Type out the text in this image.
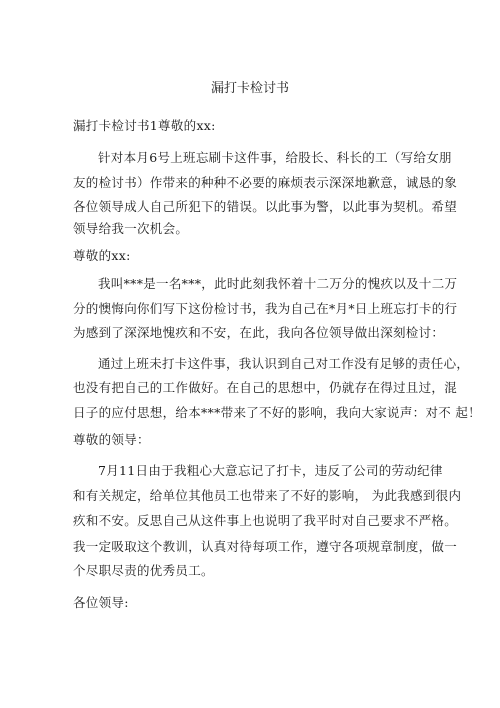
漏打卡检讨书
漏打卡检讨书1尊敬的xx:
针对本月6号上班忘刷卡这件事，给股长、科长的工（写给女朋
友的检讨书）作带来的种种不必要的麻烦表示深深地歉意，诚恳的象
各位领导成人自己所犯下的错误。以此事为警，以此事为契机。希望
领导给我一次机会。
尊敬的xx:
我叫***是一名***，此时此刻我怀着十二万分的愧疚以及十二万
分的懊悔向你们写下这份检讨书，我为自己在*月*日上班忘打卡的行
为感到了深深地愧疚和不安，在此，我向各位领导做出深刻检讨：
通过上班未打卡这件事，我认识到自己对工作没有足够的责任心，
也没有把自己的工作做好。在自己的思想中，仍就存在得过且过，混
日子的应付思想，给本***带来了不好的影响，我向大家说声：对不 起！
尊敬的领导：
7月11日由于我粗心大意忘记了打卡，违反了公司的劳动纪律
和有关规定，给单位其他员工也带来了不好的影响， 为此我感到很内
疚和不安。反思自己从这件事上也说明了我平时对自己要求不严格。
我一定吸取这个教训，认真对待每项工作，遵守各项规章制度，做一
个尽职尽责的优秀员工。
各位领导:
